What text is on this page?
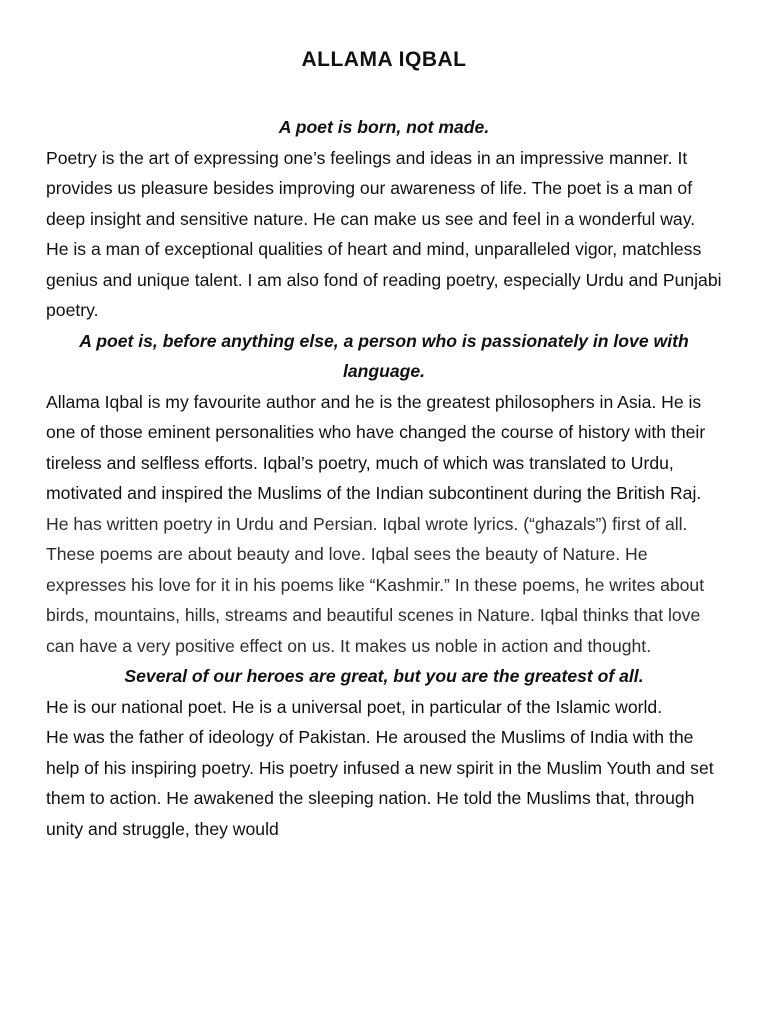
ALLAMA IQBAL

A poet is born, not made.

Poetry is the art of expressing one’s feelings and ideas in an impressive manner. It provides us pleasure besides improving our awareness of life. The poet is a man of deep insight and sensitive nature. He can make us see and feel in a wonderful way. He is a man of exceptional qualities of heart and mind, unparalleled vigor, matchless genius and unique talent. I am also fond of reading poetry, especially Urdu and Punjabi poetry.

A poet is, before anything else, a person who is passionately in love with language.

Allama Iqbal is my favourite author and he is the greatest philosophers in Asia. He is one of those eminent personalities who have changed the course of history with their tireless and selfless efforts. Iqbal’s poetry, much of which was translated to Urdu, motivated and inspired the Muslims of the Indian subcontinent during the British Raj. He has written poetry in Urdu and Persian. Iqbal wrote lyrics. (“ghazals”) first of all. These poems are about beauty and love. Iqbal sees the beauty of Nature. He expresses his love for it in his poems like “Kashmir.” In these poems, he writes about birds, mountains, hills, streams and beautiful scenes in Nature. Iqbal thinks that love can have a very positive effect on us. It makes us noble in action and thought.

Several of our heroes are great, but you are the greatest of all.

He is our national poet. He is a universal poet, in particular of the Islamic world.

He was the father of ideology of Pakistan. He aroused the Muslims of India with the help of his inspiring poetry. His poetry infused a new spirit in the Muslim Youth and set them to action. He awakened the sleeping nation. He told the Muslims that, through unity and struggle, they would
